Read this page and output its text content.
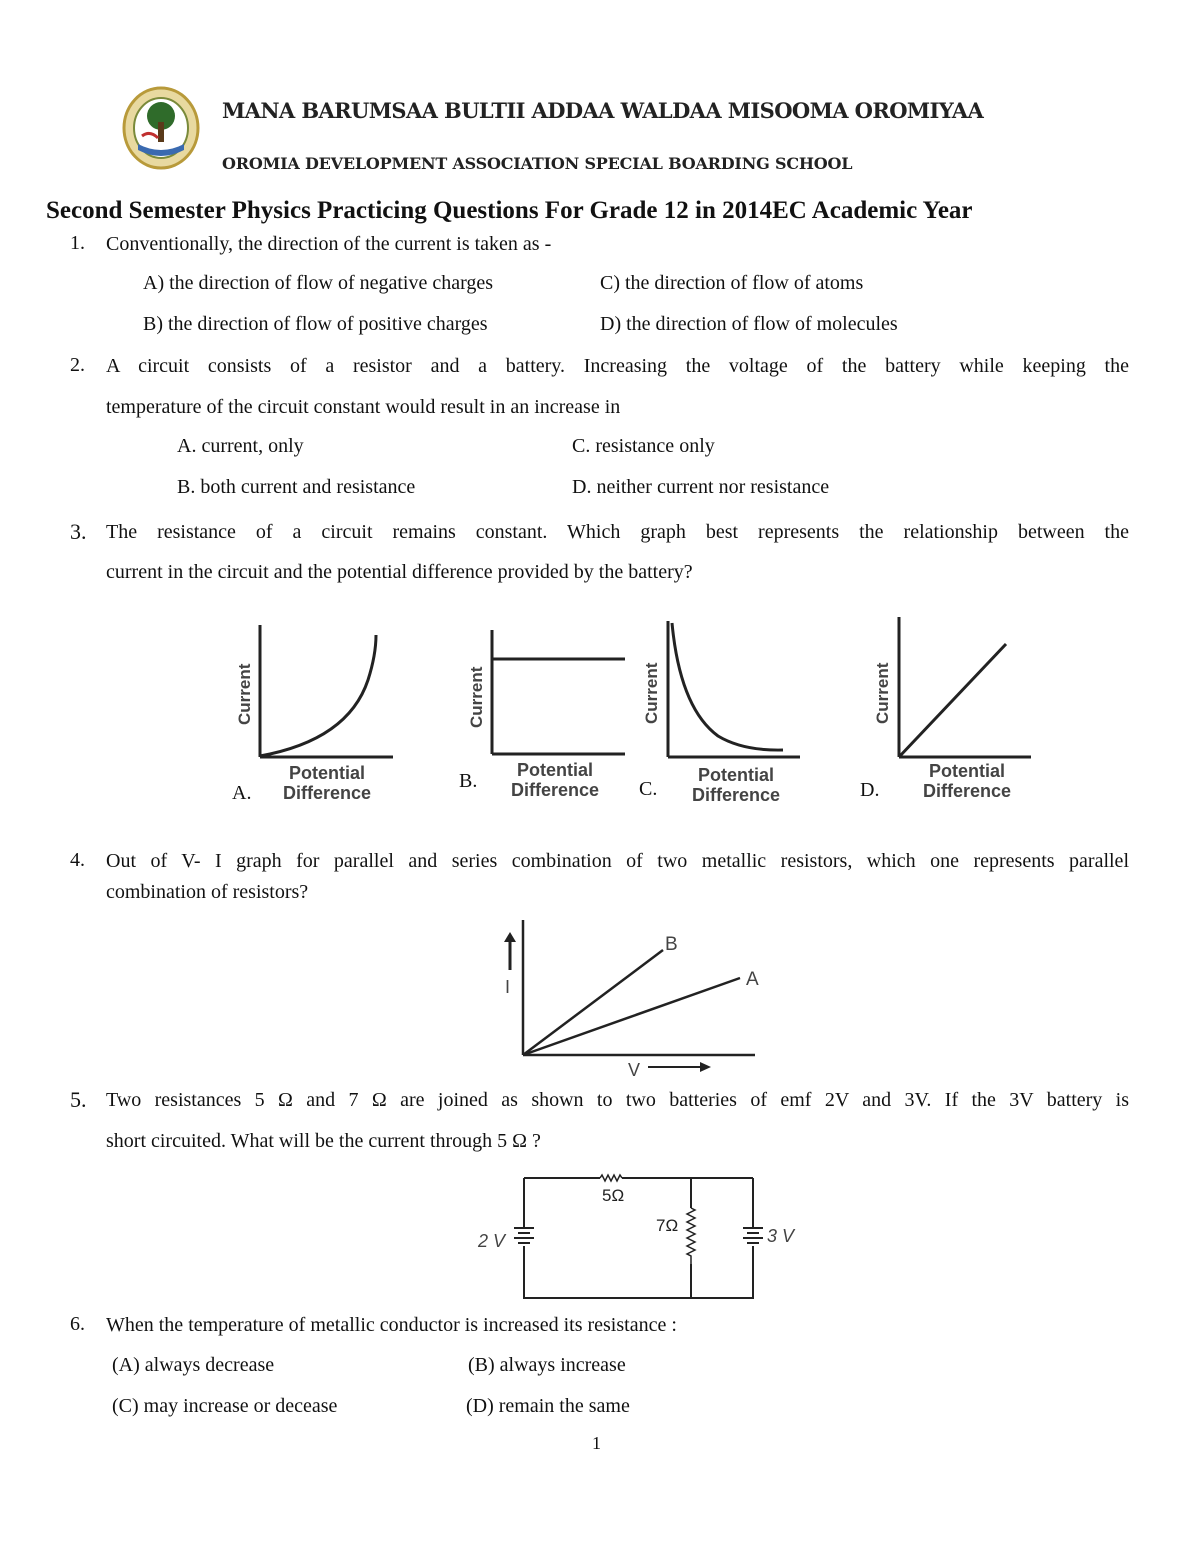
MANA BARUMSAA BULTII ADDAA WALDAA MISOOMA OROMIYAA
OROMIA DEVELOPMENT ASSOCIATION SPECIAL BOARDING SCHOOL
Second Semester Physics Practicing Questions For Grade 12 in 2014EC Academic Year
1. Conventionally, the direction of the current is taken as -
A) the direction of flow of negative charges	C) the direction of flow of atoms
B) the direction of flow of positive charges	D) the direction of flow of molecules
2. A circuit consists of a resistor and a battery. Increasing the voltage of the battery while keeping the
temperature of the circuit constant would result in an increase in
A. current, only	C. resistance only
B. both current and resistance	D. neither current nor resistance
3. The resistance of a circuit remains constant. Which graph best represents the relationship between the
current in the circuit and the potential difference provided by the battery?
Current
Potential
Difference
A.
Current
Potential
Difference
B.
Current
Potential
Difference
C.
Current
Potential
Difference
D.
4. Out of V- I graph for parallel and series combination of two metallic resistors, which one represents parallel
combination of resistors?
I
B
A
V
5. Two resistances 5 Ω and 7 Ω are joined as shown to two batteries of emf 2V and 3V. If the 3V battery is
short circuited. What will be the current through 5 Ω ?
5Ω
7Ω
2 V	3 V
6. When the temperature of metallic conductor is increased its resistance :
(A) always decrease	(B) always increase
(C) may increase or decease	(D) remain the same
1
